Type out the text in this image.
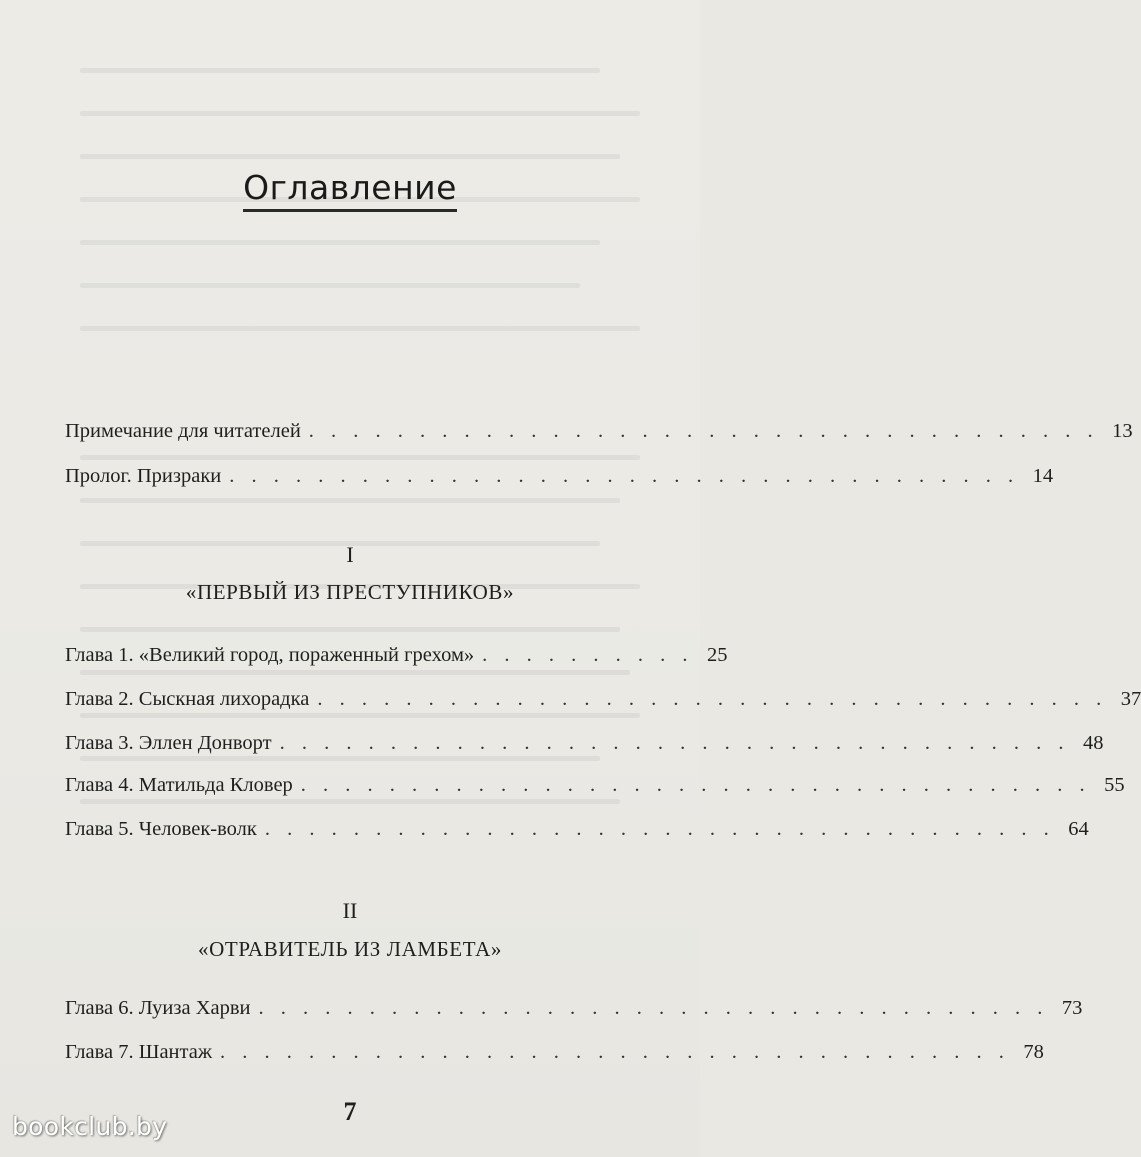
Оглавление
Примечание для читателей . . . . . . . . . . . . . . . . . . . . . . . . . . . . . . . . . . . . 13
Пролог. Призраки . . . . . . . . . . . . . . . . . . . . . . . . . . . . . . . . . . . . 14
I
«ПЕРВЫЙ ИЗ ПРЕСТУПНИКОВ»
Глава 1. «Великий город, пораженный грехом» . . . . . . . . . . 25
Глава 2. Сыскная лихорадка . . . . . . . . . . . . . . . . . . . . . . . . . . . . . . . . . . . . 37
Глава 3. Эллен Донворт . . . . . . . . . . . . . . . . . . . . . . . . . . . . . . . . . . . . 48
Глава 4. Матильда Кловер . . . . . . . . . . . . . . . . . . . . . . . . . . . . . . . . . . . . 55
Глава 5. Человек-волк . . . . . . . . . . . . . . . . . . . . . . . . . . . . . . . . . . . . 64
II
«ОТРАВИТЕЛЬ ИЗ ЛАМБЕТА»
Глава 6. Луиза Харви . . . . . . . . . . . . . . . . . . . . . . . . . . . . . . . . . . . . 73
Глава 7. Шантаж . . . . . . . . . . . . . . . . . . . . . . . . . . . . . . . . . . . . 78
7
bookclub.by
